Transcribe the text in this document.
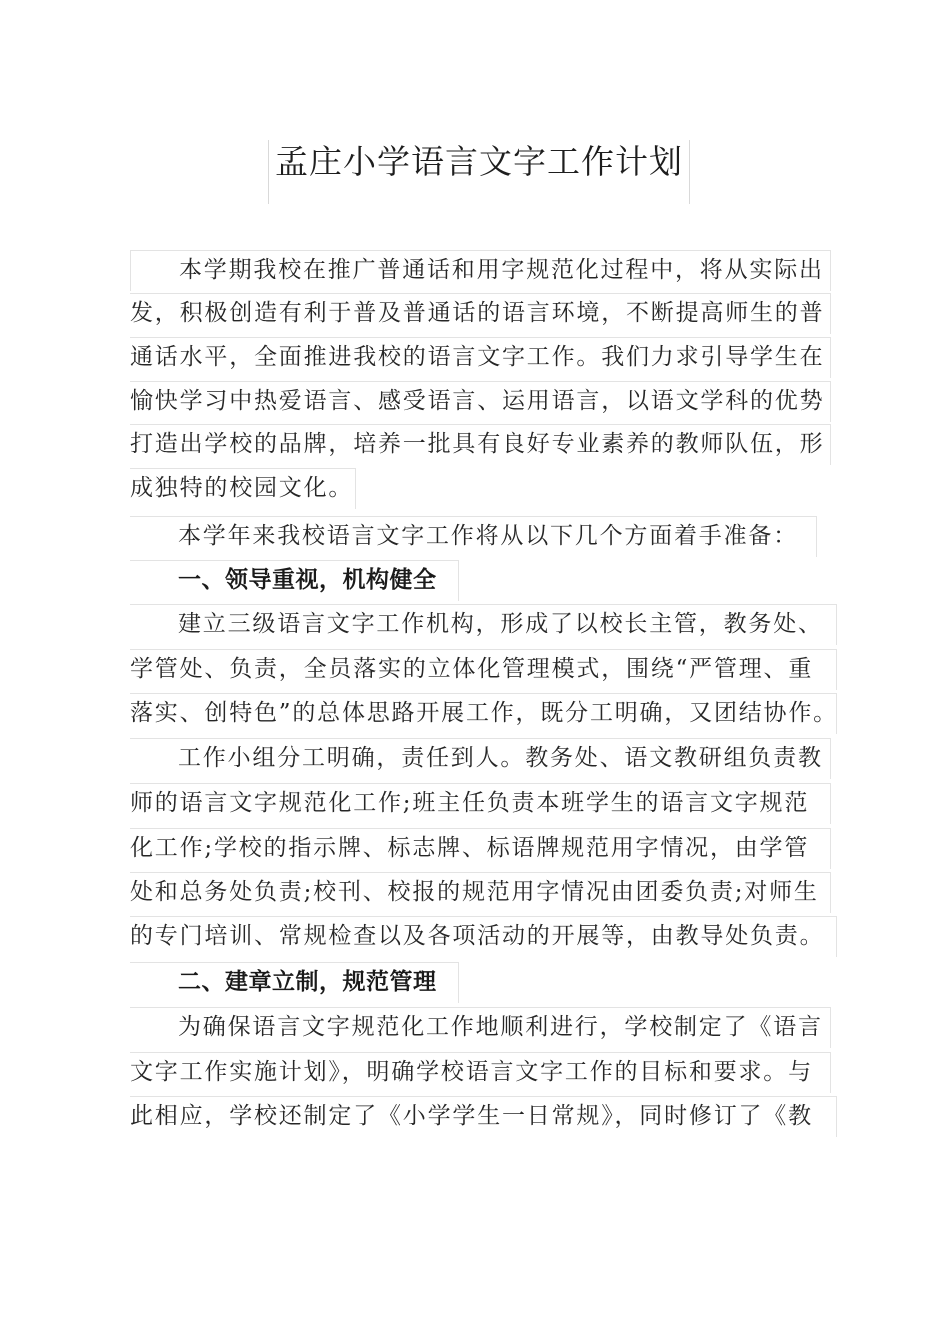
孟庄小学语言文字工作计划
本学期我校在推广普通话和用字规范化过程中，将从实际出
发，积极创造有利于普及普通话的语言环境，不断提高师生的普
通话水平，全面推进我校的语言文字工作。我们力求引导学生在
愉快学习中热爱语言、感受语言、运用语言，以语文学科的优势
打造出学校的品牌，培养一批具有良好专业素养的教师队伍，形
成独特的校园文化。
本学年来我校语言文字工作将从以下几个方面着手准备：
一、领导重视，机构健全
建立三级语言文字工作机构，形成了以校长主管，教务处、
学管处、负责，全员落实的立体化管理模式，围绕“严管理、重
落实、创特色”的总体思路开展工作，既分工明确，又团结协作。
工作小组分工明确，责任到人。教务处、语文教研组负责教
师的语言文字规范化工作;班主任负责本班学生的语言文字规范
化工作;学校的指示牌、标志牌、标语牌规范用字情况，由学管
处和总务处负责;校刊、校报的规范用字情况由团委负责;对师生
的专门培训、常规检查以及各项活动的开展等，由教导处负责。
二、建章立制，规范管理
为确保语言文字规范化工作地顺利进行，学校制定了《语言
文字工作实施计划》，明确学校语言文字工作的目标和要求。与
此相应，学校还制定了《小学学生一日常规》，同时修订了《教
